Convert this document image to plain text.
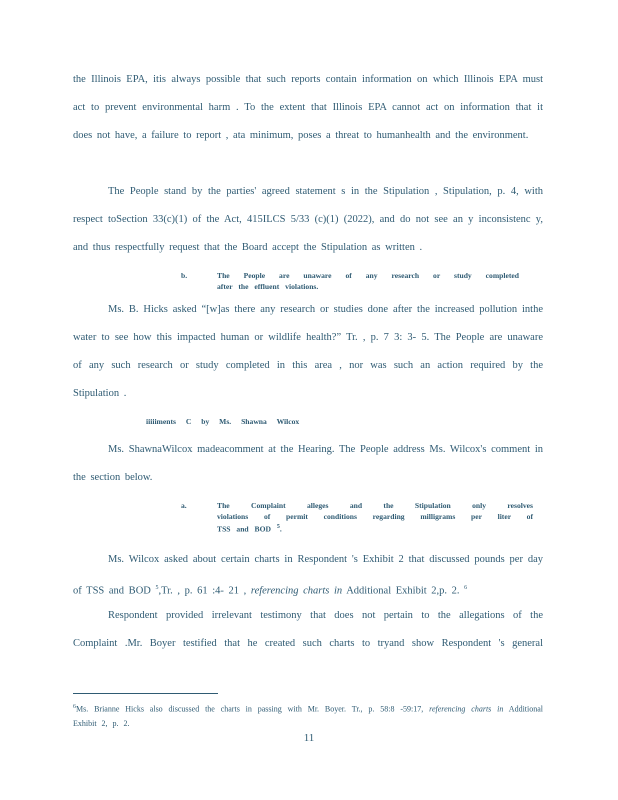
the Illinois EPA, itis always possible that such reports contain information on which Illinois EPA must act to prevent environmental harm . To the extent that Illinois EPA cannot act on information that it does not have, a failure to report , ata minimum, poses a threat to humanhealth and the environment.

The People stand by the parties' agreed statement s in the Stipulation , Stipulation, p. 4, with respect toSection 33(c)(1) of the Act, 415ILCS 5/33 (c)(1) (2022), and do not see an y inconsistenc y, and thus respectfully request that the Board accept the Stipulation as written .

b.	The People are unaware of any research or study completed
after the effluent violations.

Ms. B. Hicks asked “[w]as there any research or studies done after the increased pollution inthe water to see how this impacted human or wildlife health?” Tr. , p. 7 3: 3- 5. The People are unaware of any such research or study completed in this area , nor was such an action required by the Stipulation .

iiiiiments C by Ms. Shawna Wilcox

Ms. ShawnaWilcox madeacomment at the Hearing. The People address Ms. Wilcox's comment in the section below.

a.	The Complaint alleges and the Stipulation only resolves
violations of permit conditions regarding milligrams per liter of
TSS and BOD $^5$.

Ms. Wilcox asked about certain charts in Respondent 's Exhibit 2 that discussed pounds per day of TSS and BOD $^5$,Tr. , p. 61 :4- 21 , referencing charts in Additional Exhibit 2,p. 2. $^6$

Respondent provided irrelevant testimony that does not pertain to the allegations of the Complaint .Mr. Boyer testified that he created such charts to tryand show Respondent 's general

$^6$Ms. Brianne Hicks also discussed the charts in passing with Mr. Boyer. Tr., p. 58:8 -59:17, referencing charts in Additional Exhibit 2, p. 2.

11
